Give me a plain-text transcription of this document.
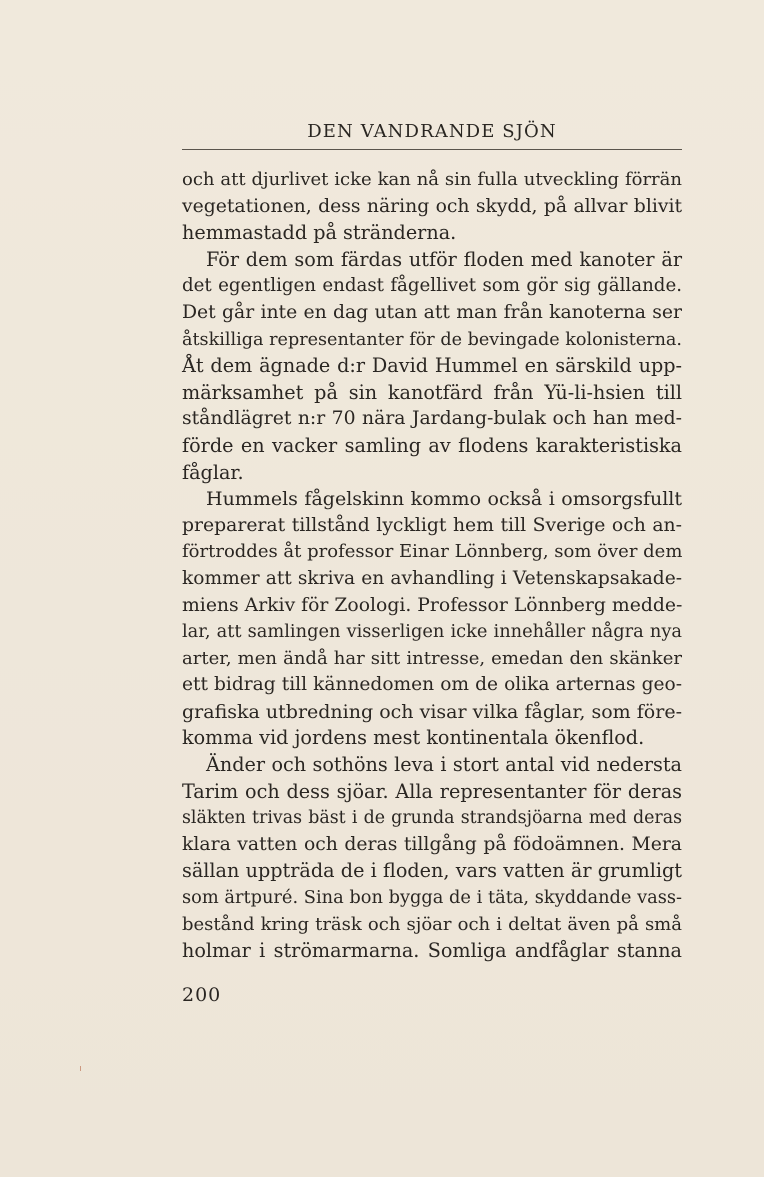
DEN VANDRANDE SJÖN
och att djurlivet icke kan nå sin fulla utveckling förrän
vegetationen, dess näring och skydd, på allvar blivit
hemmastadd på stränderna.
För dem som färdas utför floden med kanoter är
det egentligen endast fågellivet som gör sig gällande.
Det går inte en dag utan att man från kanoterna ser
åtskilliga representanter för de bevingade kolonisterna.
Åt dem ägnade d:r David Hummel en särskild upp-
märksamhet på sin kanotfärd från Yü-li-hsien till
ståndlägret n:r 70 nära Jardang-bulak och han med-
förde en vacker samling av flodens karakteristiska
fåglar.
Hummels fågelskinn kommo också i omsorgsfullt
preparerat tillstånd lyckligt hem till Sverige och an-
förtroddes åt professor Einar Lönnberg, som över dem
kommer att skriva en avhandling i Vetenskapsakade-
miens Arkiv för Zoologi. Professor Lönnberg medde-
lar, att samlingen visserligen icke innehåller några nya
arter, men ändå har sitt intresse, emedan den skänker
ett bidrag till kännedomen om de olika arternas geo-
grafiska utbredning och visar vilka fåglar, som före-
komma vid jordens mest kontinentala ökenflod.
Änder och sothöns leva i stort antal vid nedersta
Tarim och dess sjöar. Alla representanter för deras
släkten trivas bäst i de grunda strandsjöarna med deras
klara vatten och deras tillgång på födoämnen. Mera
sällan uppträda de i floden, vars vatten är grumligt
som ärtpuré. Sina bon bygga de i täta, skyddande vass-
bestånd kring träsk och sjöar och i deltat även på små
holmar i strömarmarna. Somliga andfåglar stanna
200
